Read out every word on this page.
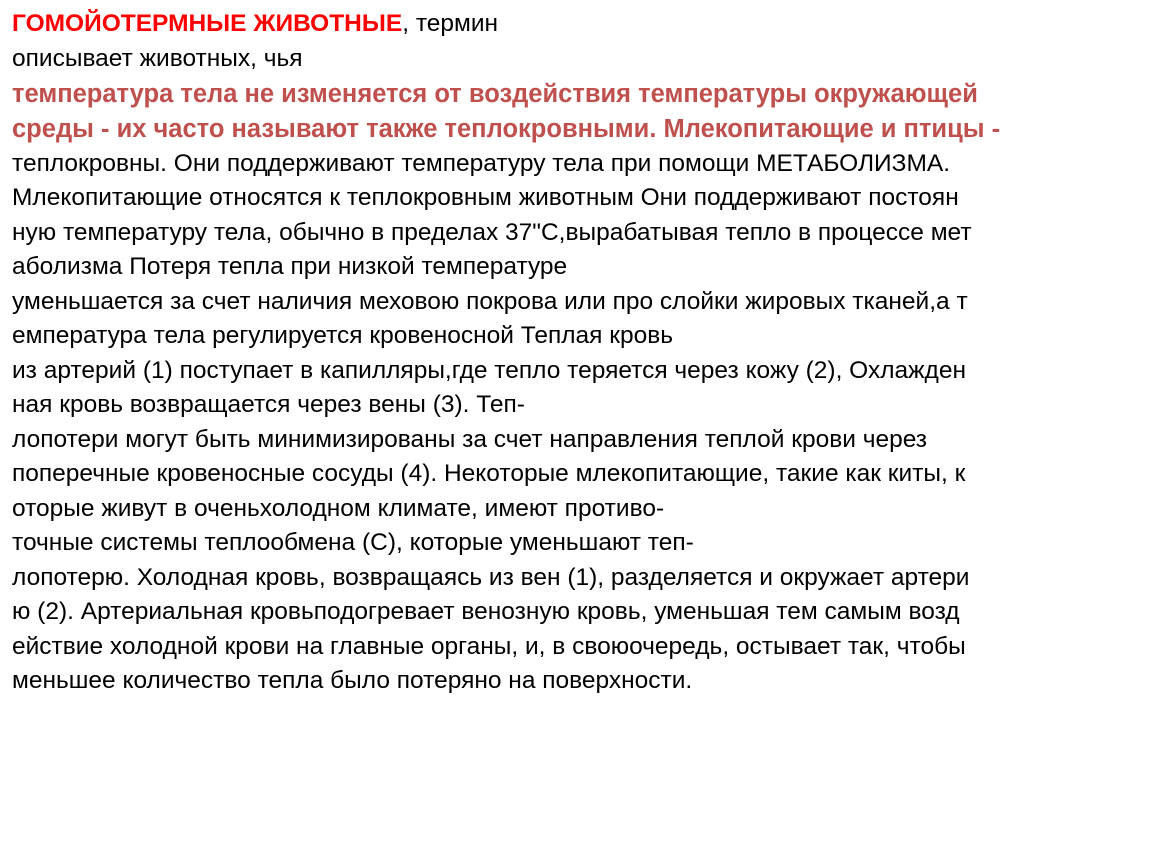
ГОМОЙОТЕРМНЫЕ ЖИВОТНЫЕ, термин
описывает животных, чья
температура тела не изменяется от воздействия температуры окружающей
среды - их часто называют также теплокровными. Млекопитающие и птицы -
теплокровны. Они поддерживают температуру тела при помощи МЕТАБОЛИЗМА.
Млекопитающие относятся к теплокровным животным Они поддерживают постоян
ную температуру тела, обычно в пределах 37"С,вырабатывая тепло в процессе мет
аболизма Потеря тепла при низкой температуре
уменьшается за счет наличия меховою покрова или про слойки жировых тканей,а т
емпература тела регулируется кровеносной Теплая кровь
из артерий (1) поступает в капилляры,где тепло теряется через кожу (2), Охлажден
ная кровь возвращается через вены (3). Теп-
лопотери могут быть минимизированы за счет направления теплой крови через
поперечные кровеносные сосуды (4). Некоторые млекопитающие, такие как киты, к
оторые живут в оченьхолодном климате, имеют противо-
точные системы теплообмена (С), которые уменьшают теп-
лопотерю. Холодная кровь, возвращаясь из вен (1), разделяется и окружает артери
ю (2). Артериальная кровьподогревает венозную кровь, уменьшая тем самым возд
ействие холодной крови на главные органы, и, в своюочередь, остывает так, чтобы
меньшее количество тепла было потеряно на поверхности.
